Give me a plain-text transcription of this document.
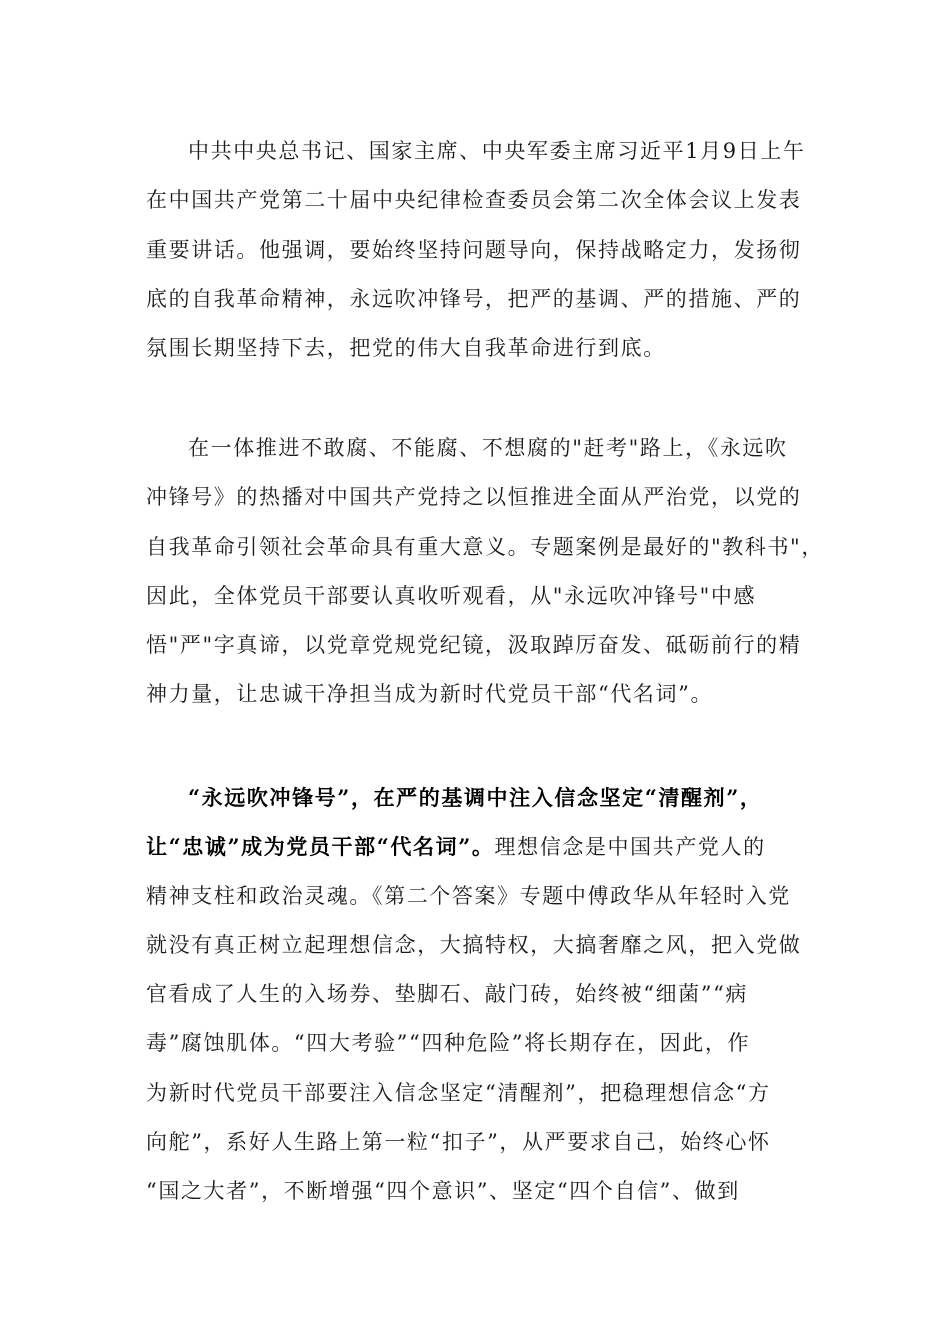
中共中央总书记、国家主席、中央军委主席习近平1月9日上午
在中国共产党第二十届中央纪律检查委员会第二次全体会议上发表
重要讲话。他强调，要始终坚持问题导向，保持战略定力，发扬彻
底的自我革命精神，永远吹冲锋号，把严的基调、严的措施、严的
氛围长期坚持下去，把党的伟大自我革命进行到底。
在一体推进不敢腐、不能腐、不想腐的"赶考"路上，《永远吹
冲锋号》的热播对中国共产党持之以恒推进全面从严治党，以党的
自我革命引领社会革命具有重大意义。专题案例是最好的"教科书"，
因此，全体党员干部要认真收听观看，从"永远吹冲锋号"中感
悟"严"字真谛，以党章党规党纪镜，汲取踔厉奋发、砥砺前行的精
神力量，让忠诚干净担当成为新时代党员干部“代名词”。
“永远吹冲锋号”，在严的基调中注入信念坚定“清醒剂”，
让“忠诚”成为党员干部“代名词”。理想信念是中国共产党人的
精神支柱和政治灵魂。《第二个答案》专题中傅政华从年轻时入党
就没有真正树立起理想信念，大搞特权，大搞奢靡之风，把入党做
官看成了人生的入场券、垫脚石、敲门砖，始终被“细菌”“病
毒”腐蚀肌体。“四大考验”“四种危险”将长期存在，因此，作
为新时代党员干部要注入信念坚定“清醒剂”，把稳理想信念“方
向舵”，系好人生路上第一粒“扣子”，从严要求自己，始终心怀
“国之大者”，不断增强“四个意识”、坚定“四个自信”、做到
